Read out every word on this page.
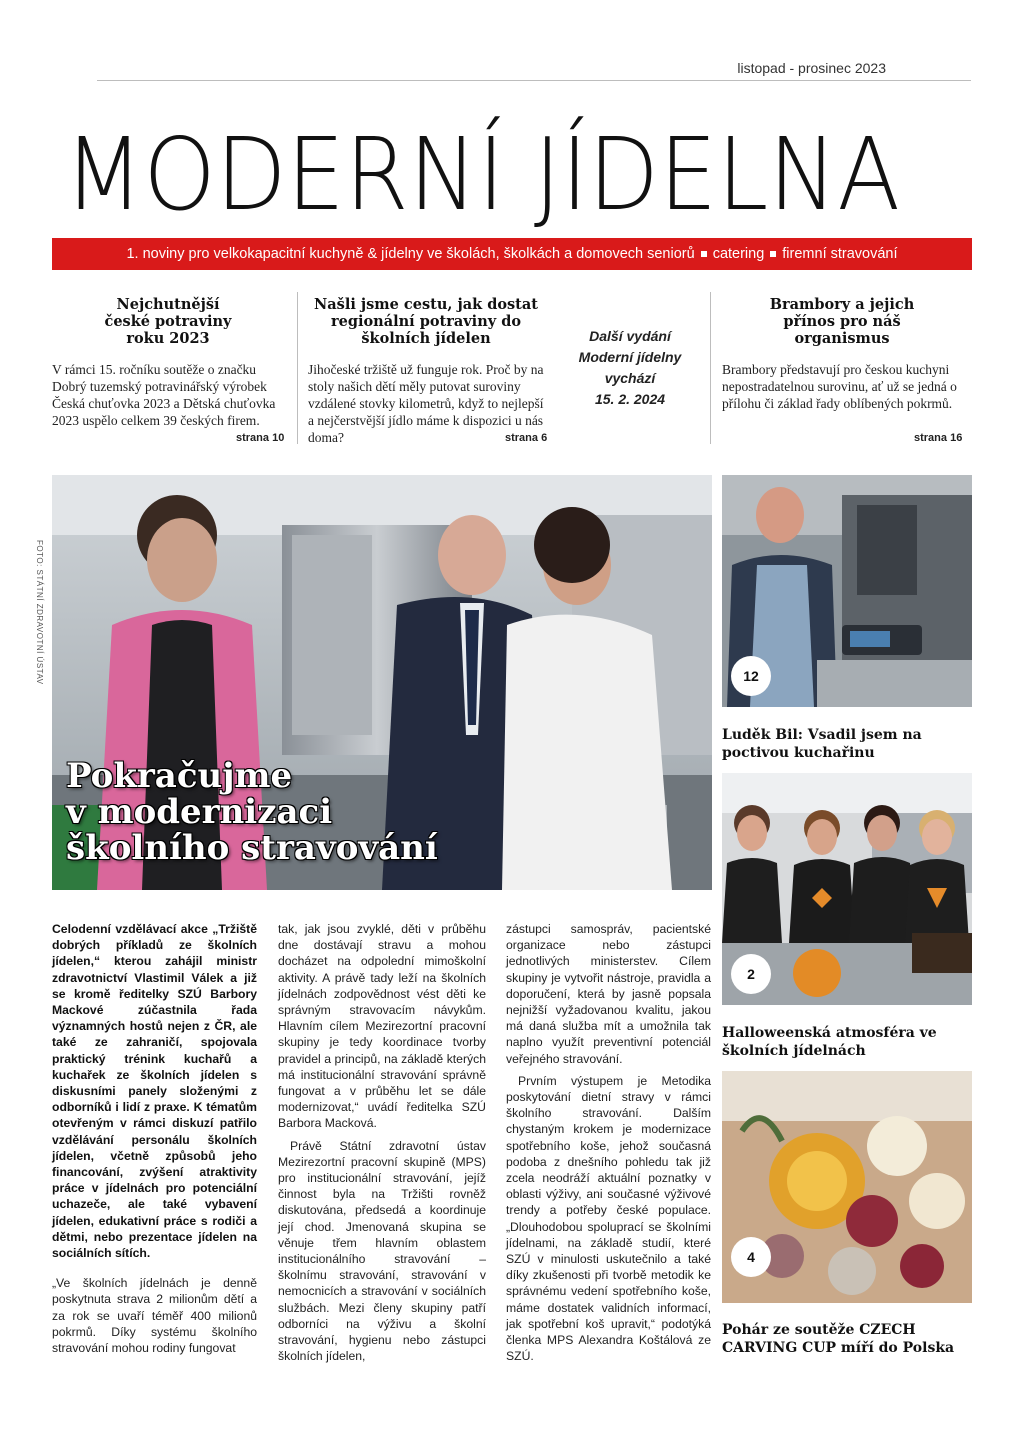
listopad - prosinec 2023
MODERNÍ JÍDELNA
1. noviny pro velkokapacitní kuchyně & jídelny ve školách, školkách a domovech seniorů catering firemní stravování
Nejchutnější české potraviny roku 2023
V rámci 15. ročníku soutěže o značku Dobrý tuzemský potravinářský výrobek Česká chuťovka 2023 a Dětská chuťovka 2023 uspělo celkem 39 českých firem.
strana 10
Našli jsme cestu, jak dostat regionální potraviny do školních jídelen
Jihočeské tržiště už funguje rok. Proč by na stoly našich dětí měly putovat suroviny vzdálené stovky kilometrů, když to nejlepší a nejčerstvější jídlo máme k dispozici u nás doma?	strana 6
Další vydání
Moderní jídelny
vychází
15. 2. 2024
Brambory a jejich přínos pro náš organismus
Brambory představují pro českou kuchyni nepostradatelnou surovinu, ať už se jedná o přílohu či základ řady oblíbených pokrmů.
strana 16
FOTO: STÁTNÍ ZDRAVOTNÍ ÚSTAV
Pokračujme
v modernizaci
školního stravování
12
Luděk Bil: Vsadil jsem na poctivou kuchařinu
2
Halloweenská atmosféra ve školních jídelnách
4
Pohár ze soutěže CZECH CARVING CUP míří do Polska

Celodenní vzdělávací akce „Tržiště dobrých příkladů ze školních jídelen,“ kterou zahájil ministr zdravotnictví Vlastimil Válek a již se kromě ředitelky SZÚ Barbory Mackové zúčastnila řada významných hostů nejen z ČR, ale také ze zahraničí, spojovala praktický trénink kuchařů a kuchařek ze školních jídelen s diskusními panely složenými z odborníků i lidí z praxe. K tématům otevřeným v rámci diskuzí patřilo vzdělávání personálu školních jídelen, včetně způsobů jeho financování, zvýšení atraktivity práce v jídelnách pro potenciální uchazeče, ale také vybavení jídelen, edukativní práce s rodiči a dětmi, nebo prezentace jídelen na sociálních sítích.

„Ve školních jídelnách je denně poskytnuta strava 2 milionům dětí a za rok se uvaří téměř 400 milionů pokrmů. Díky systému školního stravování mohou rodiny fungovat

tak, jak jsou zvyklé, děti v průběhu dne dostávají stravu a mohou docházet na odpolední mimoškolní aktivity. A právě tady leží na školních jídelnách zodpovědnost vést děti ke správným stravovacím návykům. Hlavním cílem Mezirezortní pracovní skupiny je tedy koordinace tvorby pravidel a principů, na základě kterých má institucionální stravování správně fungovat a v průběhu let se dále modernizovat,“ uvádí ředitelka SZÚ Barbora Macková.

Právě Státní zdravotní ústav Mezirezortní pracovní skupině (MPS) pro institucionální stravování, jejíž činnost byla na Tržišti rovněž diskutována, předsedá a koordinuje její chod. Jmenovaná skupina se věnuje třem hlavním oblastem institucionálního stravování – školnímu stravování, stravování v nemocnicích a stravování v sociálních službách. Mezi členy skupiny patří odborníci na výživu a školní stravování, hygienu nebo zástupci školních jídelen,

zástupci samospráv, pacientské organizace nebo zástupci jednotlivých ministerstev. Cílem skupiny je vytvořit nástroje, pravidla a doporučení, která by jasně popsala nejnižší vyžadovanou kvalitu, jakou má daná služba mít a umožnila tak naplno využít preventivní potenciál veřejného stravování.

Prvním výstupem je Metodika poskytování dietní stravy v rámci školního stravování. Dalším chystaným krokem je modernizace spotřebního koše, jehož současná podoba z dnešního pohledu tak již zcela neodráží aktuální poznatky v oblasti výživy, ani současné výživové trendy a potřeby české populace. „Dlouhodobou spoluprací se školními jídelnami, na základě studií, které SZÚ v minulosti uskutečnilo a také díky zkušenosti při tvorbě metodik ke správnému vedení spotřebního koše, máme dostatek validních informací, jak spotřební koš upravit,“ podotýká členka MPS Alexandra Koštálová ze SZÚ.
